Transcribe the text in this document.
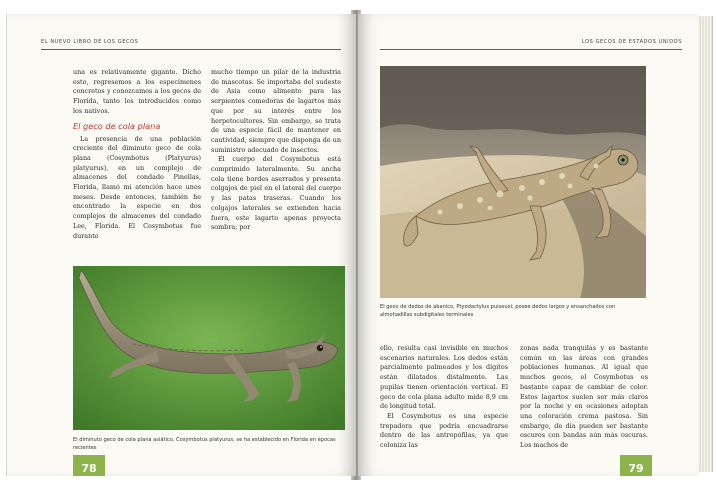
EL NUEVO LIBRO DE LOS GECOS

una es relativamente gigante. Dicho esto, regresemos a los especímenes concretos y conozcamos a los gecos de Florida, tanto los introducidos como los nativos.

El geco de cola plana

La presencia de una población creciente del diminuto geco de cola plana (Cosymbotus (Platyurus) platyurus), en un complejo de almacenes del condado Pinellas, Florida, llamó mi atención hace unos meses. Desde entonces, también he encontrado la especie en dos complejos de almacenes del condado Lee, Florida. El Cosymbotus fue durante

mucho tiempo un pilar de la industria de mascotas. Se importaba del sudeste de Asia como alimento para las serpientes comedoras de lagartos más que por su interés entre los herpetocultores. Sin embargo, se trata de una especie fácil de mantener en cautividad, siempre que disponga de un suministro adecuado de insectos.

El cuerpo del Cosymbotus está comprimido lateralmente. Su ancha cola tiene bordes aserrados y presenta colgajos de piel en el lateral del cuerpo y las patas traseras. Cuando los colgajos laterales se extienden hacia fuera, este lagarto apenas proyecta sombra; por

El diminuto geco de cola plana asiático, Cosymbotus platyurus, se ha establecido en Florida en épocas recientes
78
LOS GECOS DE ESTADOS UNIDOS
El geco de dedos de abanico, Ptyodactylus puiseuxi, posee dedos largos y ensanchados con almohadillas subdigitales terminales

ello, resulta casi invisible en muchos escenarios naturales. Los dedos están parcialmente palmeados y los dígitos están dilatados distalmente. Las pupilas tienen orientación vertical. El geco de cola plana adulto mide 8,9 cm de longitud total.

El Cosymbotus es una especie trepadora que podría encuadrarse dentro de las antropófilas, ya que coloniza las

zonas nada tranquilas y es bastante común en las áreas con grandes poblaciones humanas. Al igual que muchos gecos, el Cosymbotus es bastante capaz de cambiar de color. Estos lagartos suelen ser más claros por la noche y en ocasiones adoptan una coloración crema pastosa. Sin embargo, de día pueden ser bastante oscuros con bandas aún más oscuras. Los machos de

79
